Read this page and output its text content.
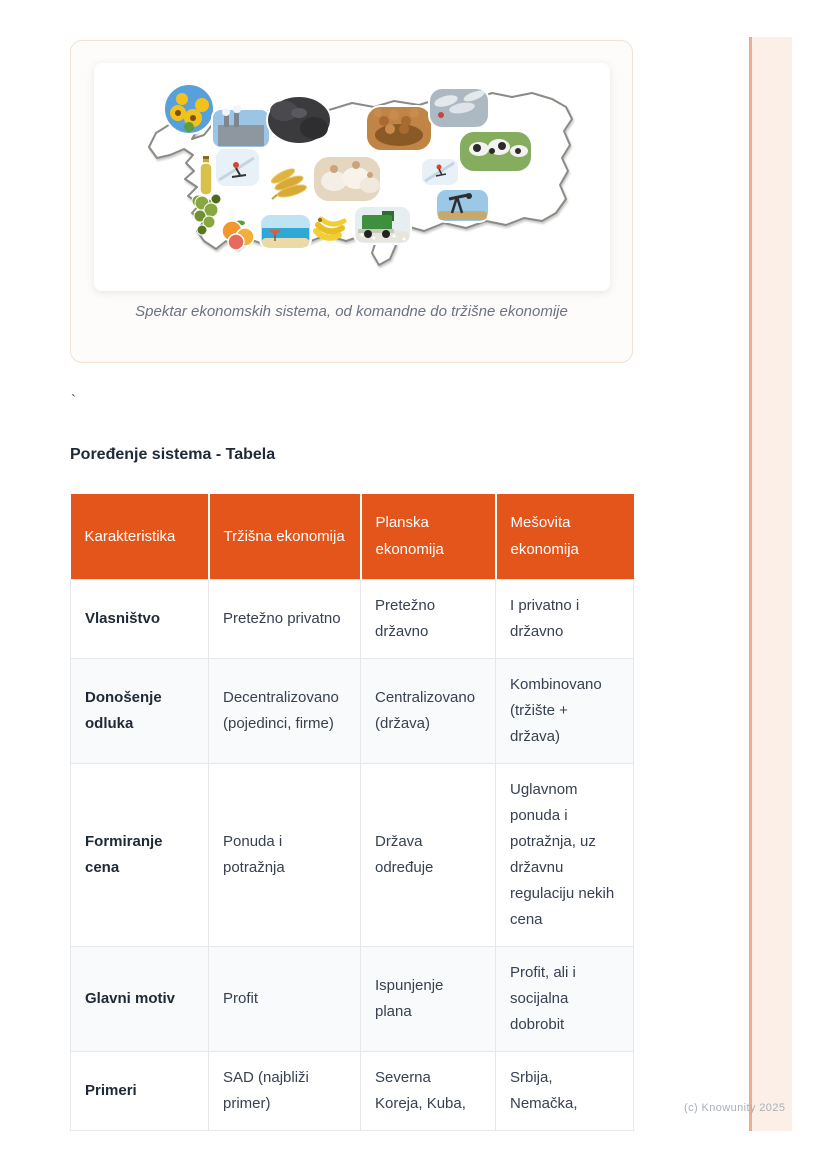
Spektar ekonomskih sistema, od komandne do tržišne ekonomije
`
Poređenje sistema - Tabela
Karakteristika	Tržišna ekonomija	Planska ekonomija	Mešovita ekonomija
Vlasništvo	Pretežno privatno	Pretežno državno	I privatno i državno
Donošenje odluka	Decentralizovano (pojedinci, firme)	Centralizovano (država)	Kombinovano (tržište + država)
Formiranje cena	Ponuda i potražnja	Država određuje	Uglavnom ponuda i potražnja, uz državnu regulaciju nekih cena
Glavni motiv	Profit	Ispunjenje plana	Profit, ali i socijalna dobrobit
Primeri	SAD (najbliži primer)	Severna Koreja, Kuba,	Srbija, Nemačka,	(c) Knowunity 2025
